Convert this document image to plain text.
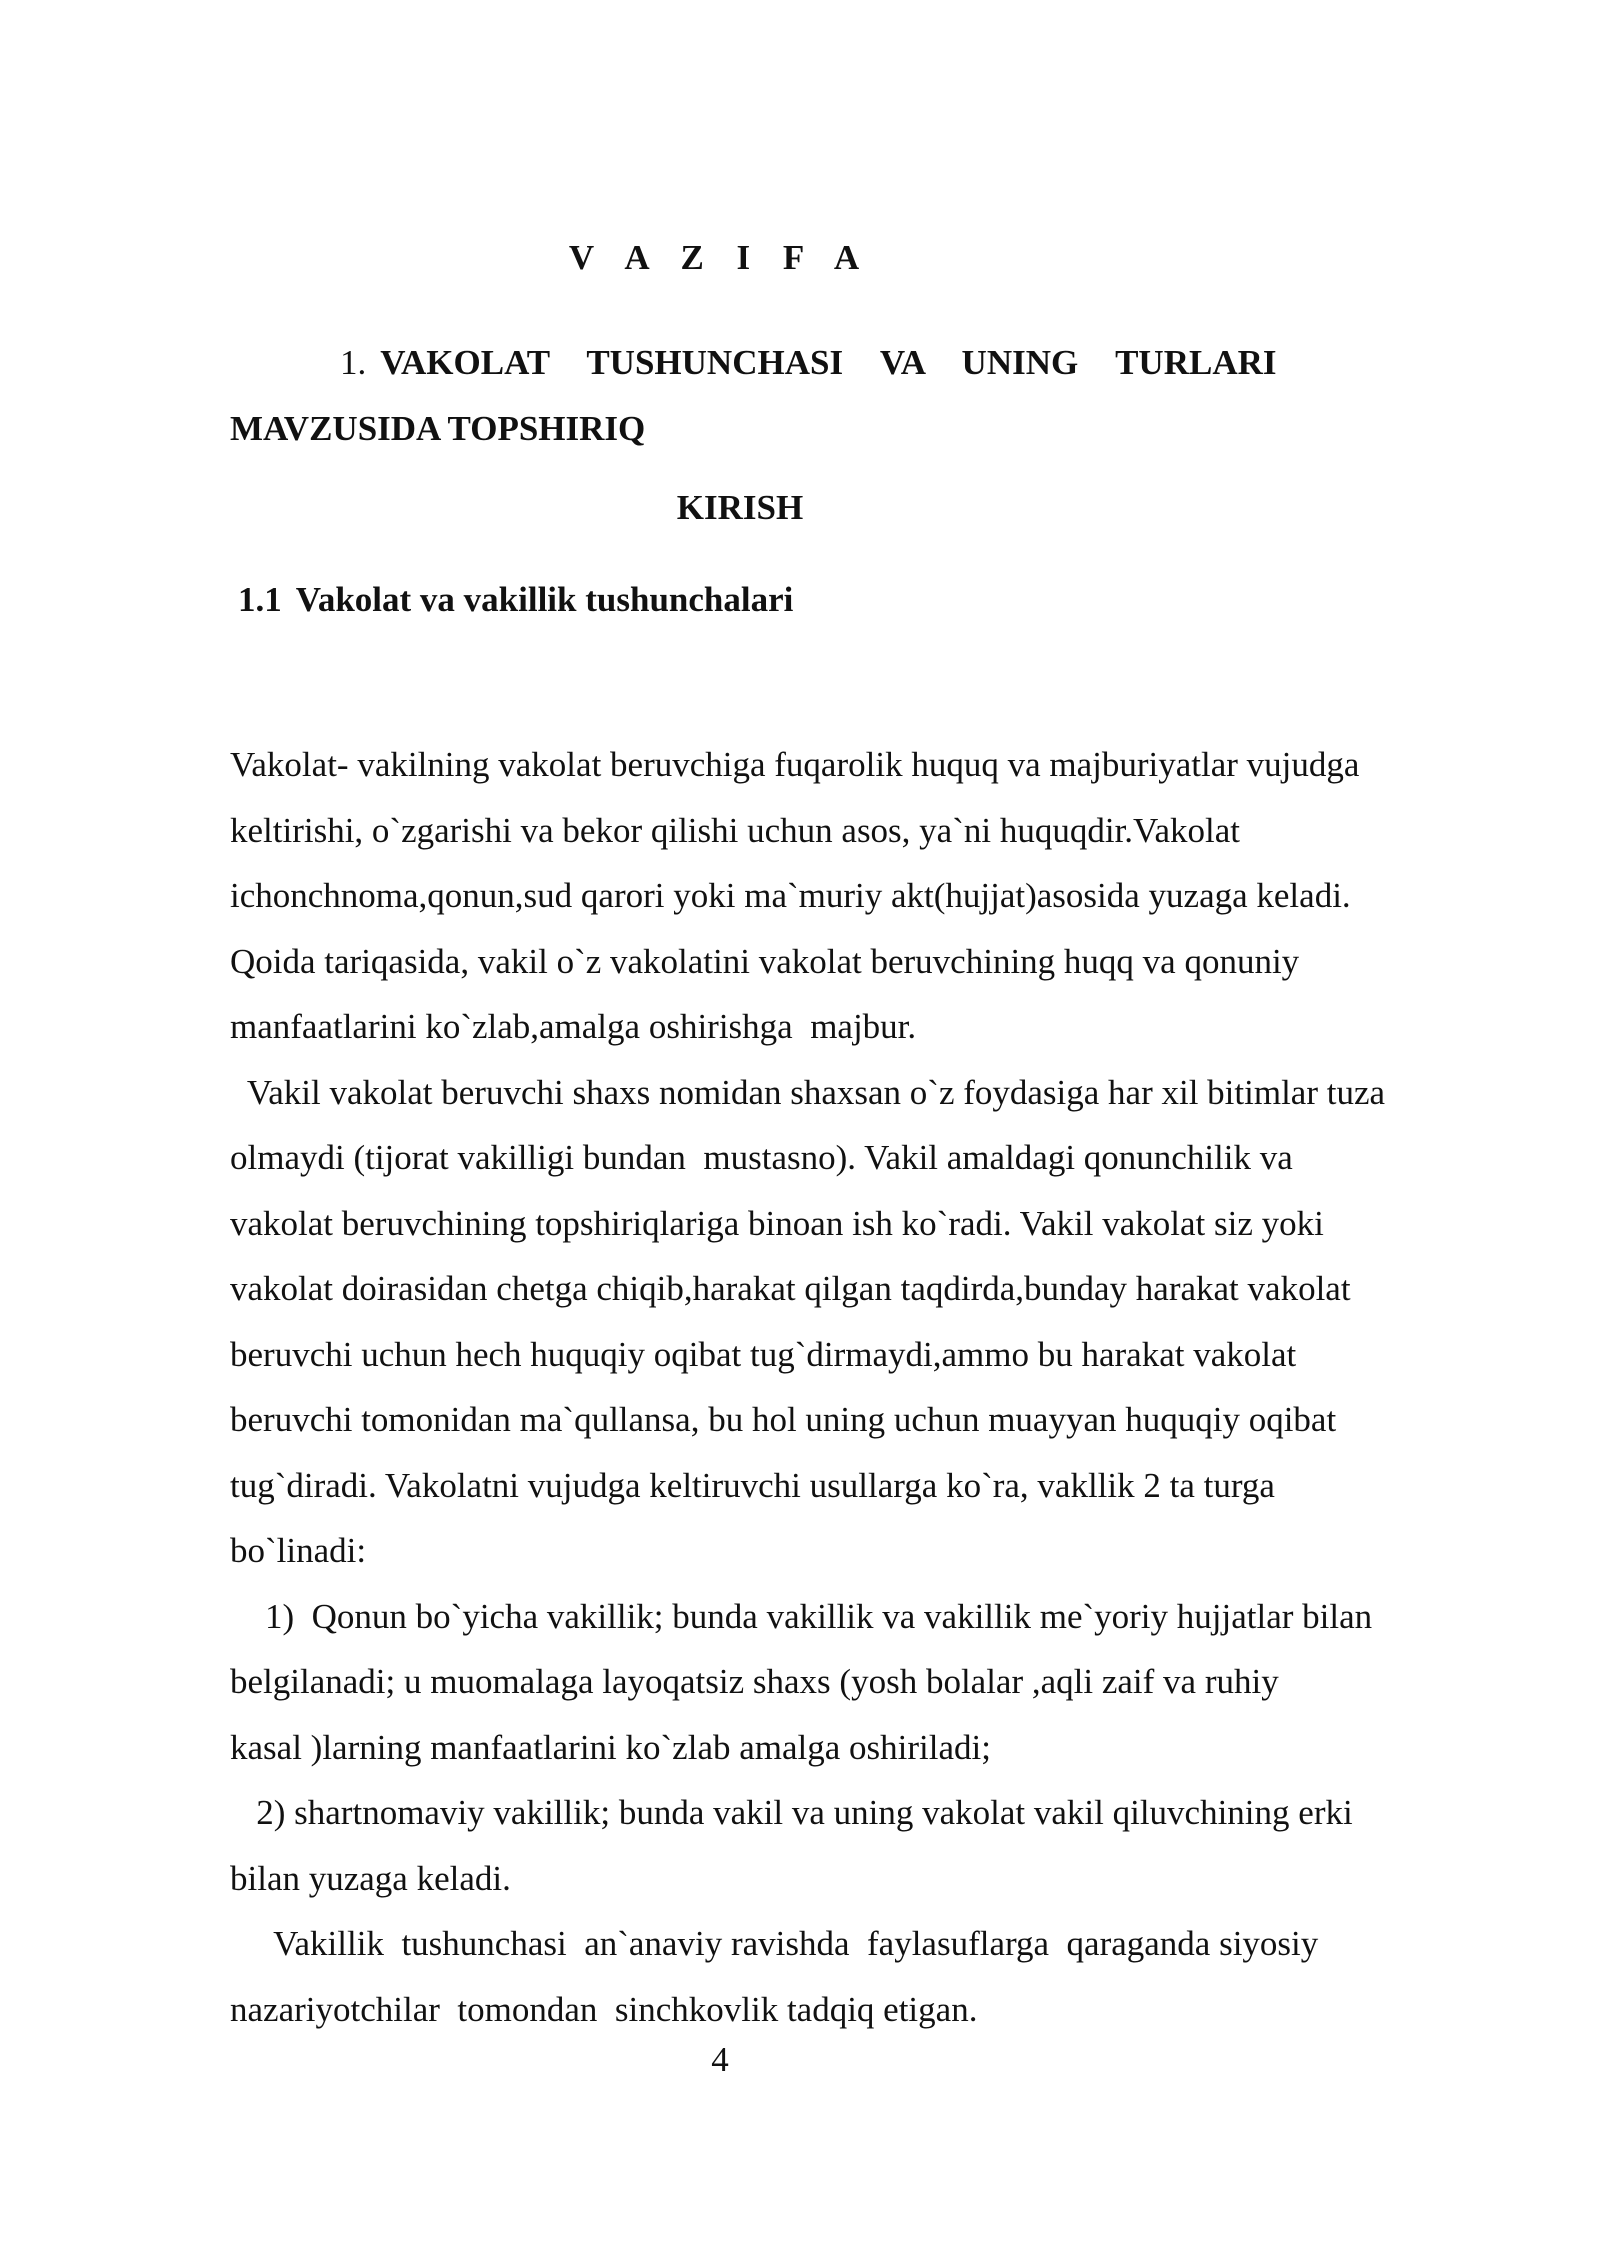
V A Z I F A
1. VAKOLAT  TUSHUNCHASI  VA  UNING  TURLARI
MAVZUSIDA TOPSHIRIQ
KIRISH
1.1 Vakolat va vakillik tushunchalari
Vakolat- vakilning vakolat beruvchiga fuqarolik huquq va majburiyatlar vujudga
keltirishi, o`zgarishi va bekor qilishi uchun asos, ya`ni huquqdir.Vakolat
ichonchnoma,qonun,sud qarori yoki ma`muriy akt(hujjat)asosida yuzaga keladi.
Qoida tariqasida, vakil o`z vakolatini vakolat beruvchining huqq va qonuniy
manfaatlarini ko`zlab,amalga oshirishga  majbur.
Vakil vakolat beruvchi shaxs nomidan shaxsan o`z foydasiga har xil bitimlar tuza
olmaydi (tijorat vakilligi bundan  mustasno). Vakil amaldagi qonunchilik va
vakolat beruvchining topshiriqlariga binoan ish ko`radi. Vakil vakolat siz yoki
vakolat doirasidan chetga chiqib,harakat qilgan taqdirda,bunday harakat vakolat
beruvchi uchun hech huquqiy oqibat tug`dirmaydi,ammo bu harakat vakolat
beruvchi tomonidan ma`qullansa, bu hol uning uchun muayyan huquqiy oqibat
tug`diradi. Vakolatni vujudga keltiruvchi usullarga ko`ra, vakllik 2 ta turga
bo`linadi:
1)  Qonun bo`yicha vakillik; bunda vakillik va vakillik me`yoriy hujjatlar bilan
belgilanadi; u muomalaga layoqatsiz shaxs (yosh bolalar ,aqli zaif va ruhiy
kasal )larning manfaatlarini ko`zlab amalga oshiriladi;
2) shartnomaviy vakillik; bunda vakil va uning vakolat vakil qiluvchining erki
bilan yuzaga keladi.
Vakillik  tushunchasi  an`anaviy ravishda  faylasuflarga  qaraganda siyosiy
nazariyotchilar  tomondan  sinchkovlik tadqiq etigan.
4
